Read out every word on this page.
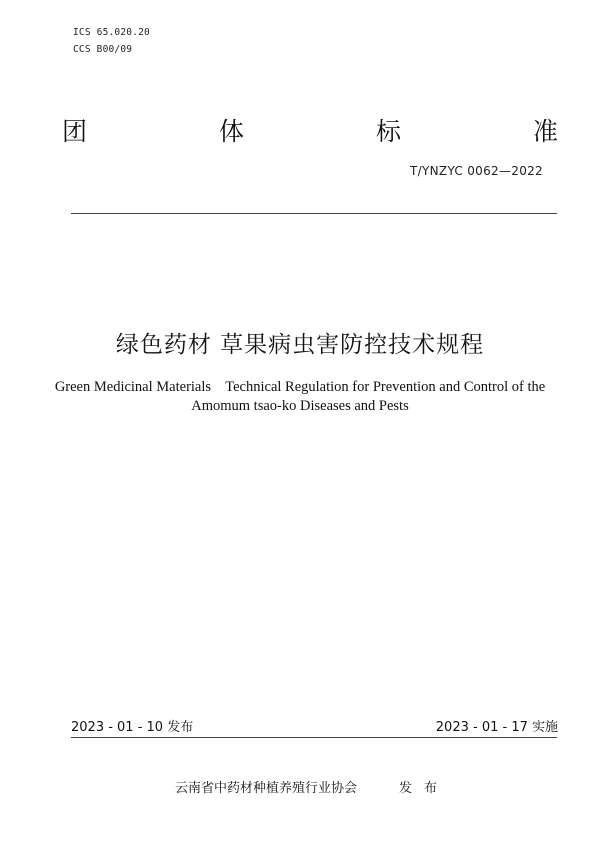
ICS 65.020.20
CCS B00/09
团	体	标	准
T/YNZYC 0062—2022
绿色药材 草果病虫害防控技术规程
Green Medicinal Materials    Technical Regulation for Prevention and Control of the
Amomum tsao-ko Diseases and Pests
2023 - 01 - 10 发布	2023 - 01 - 17 实施
云南省中药材种植养殖行业协会	发布
